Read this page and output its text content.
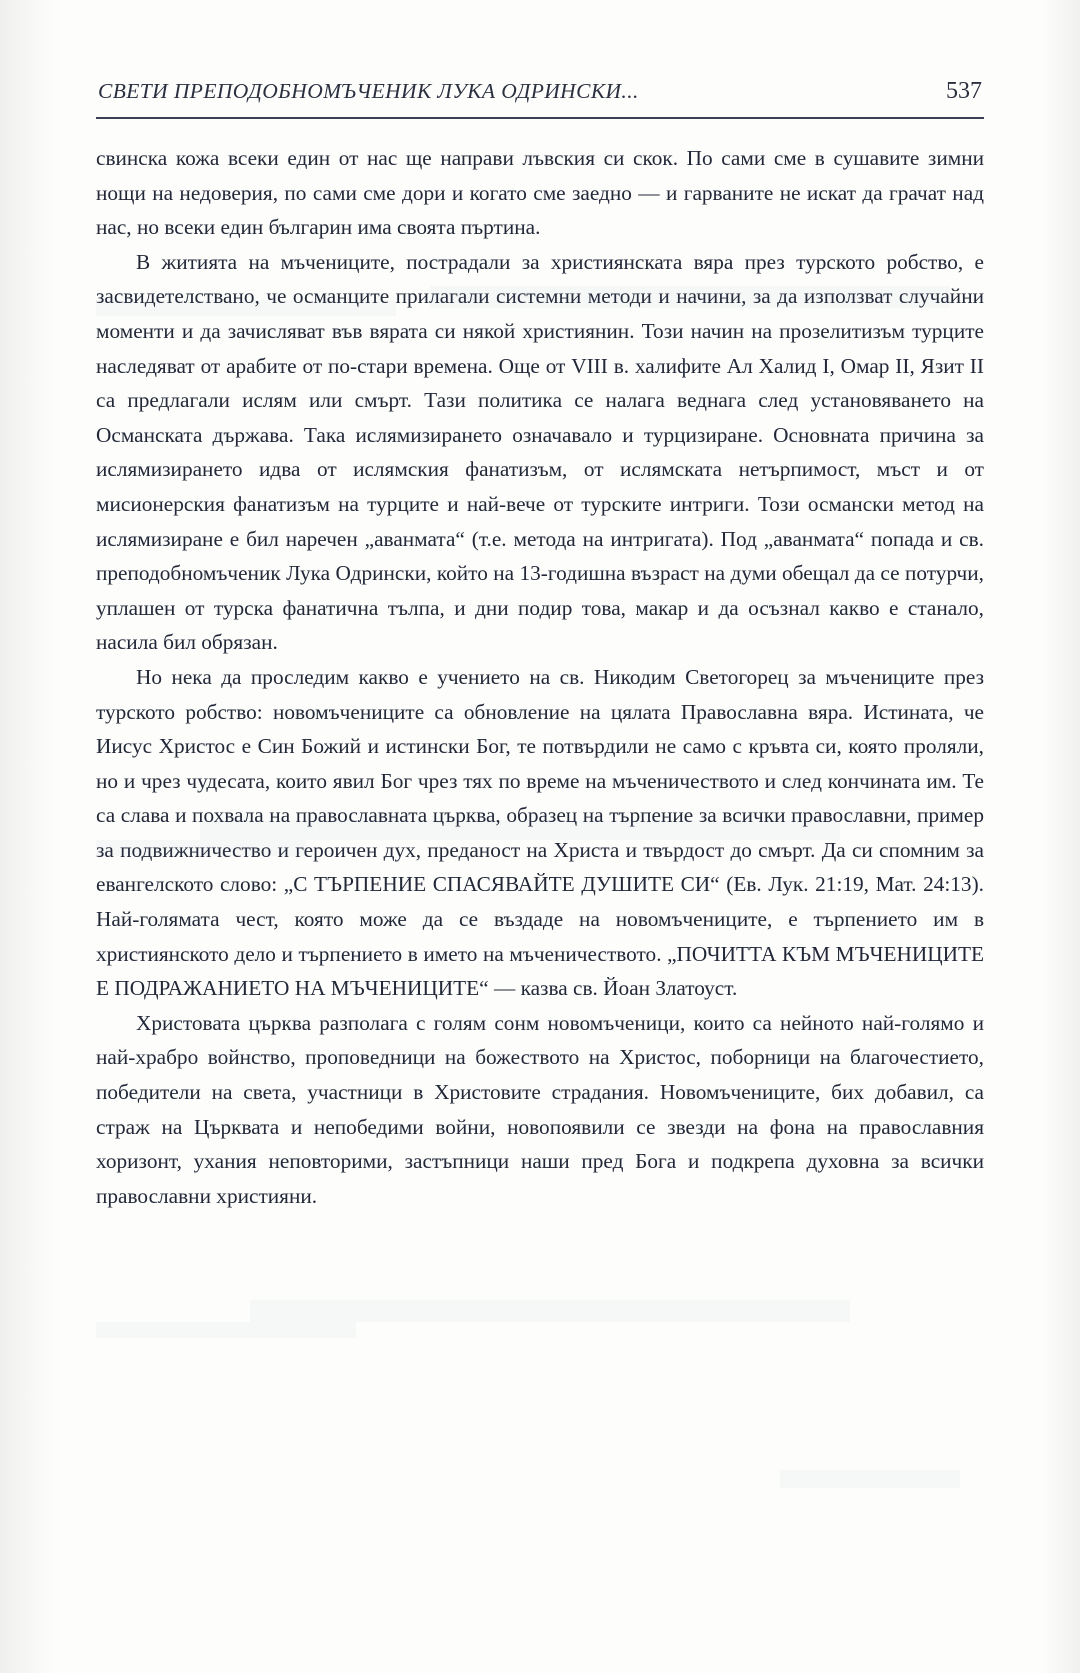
СВЕТИ ПРЕПОДОБНОМЪЧЕНИК ЛУКА ОДРИНСКИ...	537

свинска кожа всеки един от нас ще направи лъвския си скок. По сами сме в сушавите зимни нощи на недоверия, по сами сме дори и когато сме заедно — и гарваните не искат да грачат над нас, но всеки един българин има своята пъртина.

В житията на мъчениците, пострадали за християнската вяра през турското робство, е засвидетелствано, че османците прилагали системни методи и начини, за да използват случайни моменти и да зачисляват във вярата си някой християнин. Този начин на прозелитизъм турците наследяват от арабите от по-стари времена. Още от VIII в. халифите Ал Халид I, Омар II, Язит II са предлагали ислям или смърт. Тази политика се налага веднага след установяването на Османската държава. Така ислямизирането означавало и турцизиране. Основната причина за ислямизирането идва от ислямския фанатизъм, от ислямската нетърпимост, мъст и от мисионерския фанатизъм на турците и най-вече от турските интриги. Този османски метод на ислямизиране е бил наречен „аванмата“ (т.е. метода на интригата). Под „аванмата“ попада и св. преподобномъченик Лука Одрински, който на 13-годишна възраст на думи обещал да се потурчи, уплашен от турска фанатична тълпа, и дни подир това, макар и да осъзнал какво е станало, насила бил обрязан.

Но нека да проследим какво е учението на св. Никодим Светогорец за мъчениците през турското робство: новомъчениците са обновление на цялата Православна вяра. Истината, че Иисус Христос е Син Божий и истински Бог, те потвърдили не само с кръвта си, която проляли, но и чрез чудесата, които явил Бог чрез тях по време на мъченичеството и след кончината им. Те са слава и похвала на православната църква, образец на търпение за всички православни, пример за подвижничество и героичен дух, преданост на Христа и твърдост до смърт. Да си спомним за евангелското слово: „С ТЪРПЕНИЕ СПАСЯВАЙТЕ ДУШИТЕ СИ“ (Ев. Лук. 21:19, Мат. 24:13). Най-голямата чест, която може да се въздаде на новомъчениците, е търпението им в християнското дело и търпението в името на мъченичеството. „ПОЧИТТА КЪМ МЪЧЕНИЦИТЕ Е ПОДРАЖАНИЕТО НА МЪЧЕНИЦИТЕ“ — казва св. Йоан Златоуст.

Христовата църква разполага с голям сонм новомъченици, които са нейното най-голямо и най-храбро войнство, проповедници на божеството на Христос, поборници на благочестието, победители на света, участници в Христовите страдания. Новомъчениците, бих добавил, са страж на Църквата и непобедими войни, новопоявили се звезди на фона на православния хоризонт, ухания неповторими, застъпници наши пред Бога и подкрепа духовна за всички православни християни.
